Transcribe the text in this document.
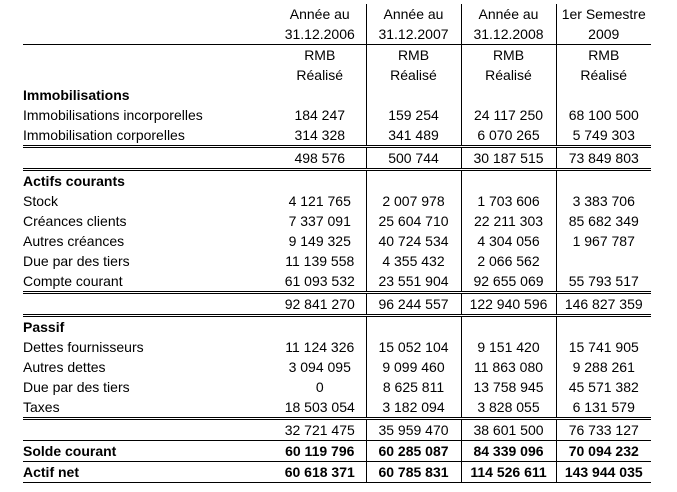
	Année au	Année au	Année au	1er Semestre
	31.12.2006	31.12.2007	31.12.2008	2009
	RMB	RMB	RMB	RMB
	Réalisé	Réalisé	Réalisé	Réalisé
Immobilisations				
Immobilisations incorporelles	184 247	159 254	24 117 250	68 100 500
Immobilisation corporelles	314 328	341 489	6 070 265	5 749 303
	498 576	500 744	30 187 515	73 849 803
Actifs courants				
Stock	4 121 765	2 007 978	1 703 606	3 383 706
Créances clients	7 337 091	25 604 710	22 211 303	85 682 349
Autres créances	9 149 325	40 724 534	4 304 056	1 967 787
Due par des tiers	11 139 558	4 355 432	2 066 562	
Compte courant	61 093 532	23 551 904	92 655 069	55 793 517
	92 841 270	96 244 557	122 940 596	146 827 359
Passif				
Dettes fournisseurs	11 124 326	15 052 104	9 151 420	15 741 905
Autres dettes	3 094 095	9 099 460	11 863 080	9 288 261
Due par des tiers	0	8 625 811	13 758 945	45 571 382
Taxes	18 503 054	3 182 094	3 828 055	6 131 579
	32 721 475	35 959 470	38 601 500	76 733 127
Solde courant	60 119 796	60 285 087	84 339 096	70 094 232
Actif net	60 618 371	60 785 831	114 526 611	143 944 035
